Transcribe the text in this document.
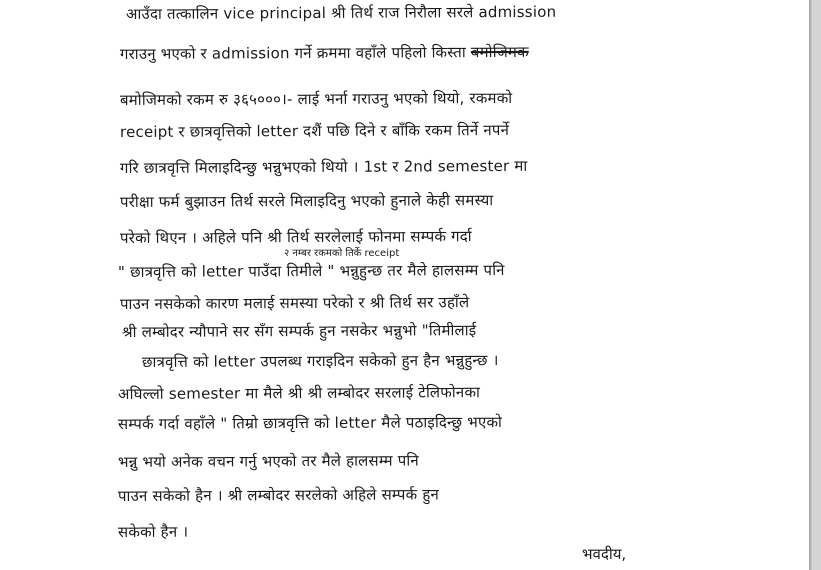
आउँदा तत्कालिन vice principal श्री तिर्थ राज निरौला सरले admission
गराउनु भएको र admission गर्ने क्रममा वहाँले पहिलो किस्ता बमोजिमक
बमोजिमको रकम रु ३६५०००।- लाई भर्ना गराउनु भएको थियो, रकमको
receipt र छात्रवृत्तिको letter दशैं पछि दिने र बाँकि रकम तिर्ने नपर्ने
गरि छात्रवृत्ति मिलाइदिन्छु भन्नुभएको थियो । 1st र 2nd semester मा
परीक्षा फर्म बुझाउन तिर्थ सरले मिलाइदिनु भएको हुनाले केही समस्या
परेको थिएन । अहिले पनि श्री तिर्थ सरलेलाई फोनमा सम्पर्क गर्दा
२ नम्बर रकमको तिर्के receipt
" छात्रवृत्ति को letter पाउँदा तिमीले " भन्नुहुन्छ तर मैले हालसम्म पनि
पाउन नसकेको कारण मलाई समस्या परेको र श्री तिर्थ सर उहाँले
श्री लम्बोदर न्यौपाने सर सँग सम्पर्क हुन नसकेर भन्नुभो "तिमीलाई
छात्रवृत्ति को letter उपलब्ध गराइदिन सकेको हुन हैन भन्नुहुन्छ ।
अघिल्लो semester मा मैले श्री श्री लम्बोदर सरलाई टेलिफोनका
सम्पर्क गर्दा वहाँले " तिम्रो छात्रवृत्ति को letter मैले पठाइदिन्छु भएको
भन्नु भयो अनेक वचन गर्नु भएको तर मैले हालसम्म पनि
पाउन सकेको हैन । श्री लम्बोदर सरलेको अहिले सम्पर्क हुन
सकेको हैन ।
भवदीय,
